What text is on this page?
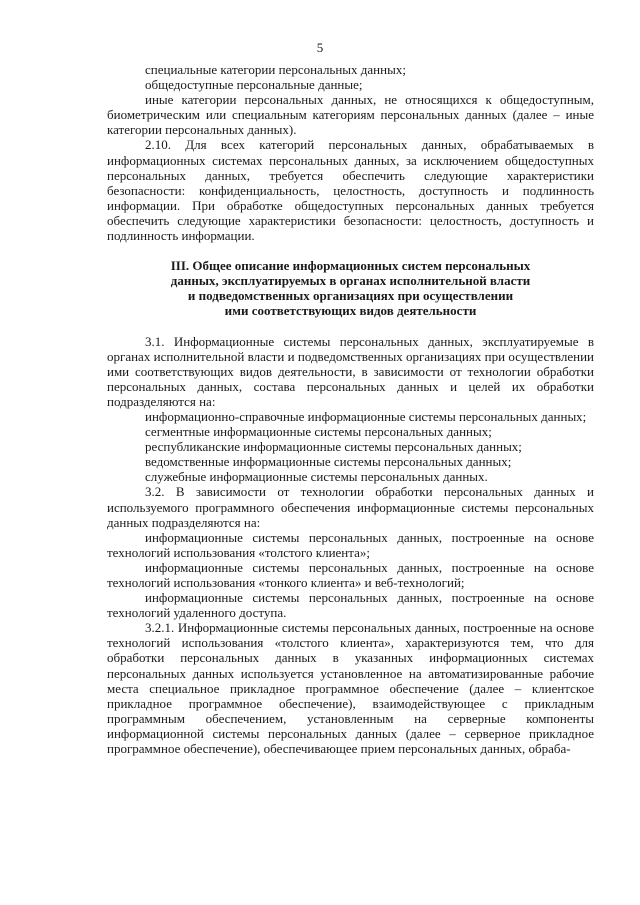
5
специальные категории персональных данных;
общедоступные персональные данные;
иные категории персональных данных, не относящихся к общедоступным, биометрическим или специальным категориям персональных данных (далее – иные категории персональных данных).
2.10. Для всех категорий персональных данных, обрабатываемых в информационных системах персональных данных, за исключением общедоступных персональных данных, требуется обеспечить следующие характеристики безопасности: конфиденциальность, целостность, доступность и подлинность информации. При обработке общедоступных персональных данных требуется обеспечить следующие характеристики безопасности: целостность, доступность и подлинность информации.
III. Общее описание информационных систем персональных
данных, эксплуатируемых в органах исполнительной власти
и подведомственных организациях при осуществлении
ими соответствующих видов деятельности
3.1. Информационные системы персональных данных, эксплуатируемые в органах исполнительной власти и подведомственных организациях при осуществлении ими соответствующих видов деятельности, в зависимости от технологии обработки персональных данных, состава персональных данных и целей их обработки подразделяются на:
информационно-справочные информационные системы персональных данных;
сегментные информационные системы персональных данных;
республиканские информационные системы персональных данных;
ведомственные информационные системы персональных данных;
служебные информационные системы персональных данных.
3.2. В зависимости от технологии обработки персональных данных и используемого программного обеспечения информационные системы персональных данных подразделяются на:
информационные системы персональных данных, построенные на основе технологий использования «толстого клиента»;
информационные системы персональных данных, построенные на основе технологий использования «тонкого клиента» и веб-технологий;
информационные системы персональных данных, построенные на основе технологий удаленного доступа.
3.2.1. Информационные системы персональных данных, построенные на основе технологий использования «толстого клиента», характеризуются тем, что для обработки персональных данных в указанных информационных системах персональных данных используется установленное на автоматизированные рабочие места специальное прикладное программное обеспечение (далее – клиентское прикладное программное обеспечение), взаимодействующее с прикладным программным обеспечением, установленным на серверные компоненты информационной системы персональных данных (далее – серверное прикладное программное обеспечение), обеспечивающее прием персональных данных, обраба-
